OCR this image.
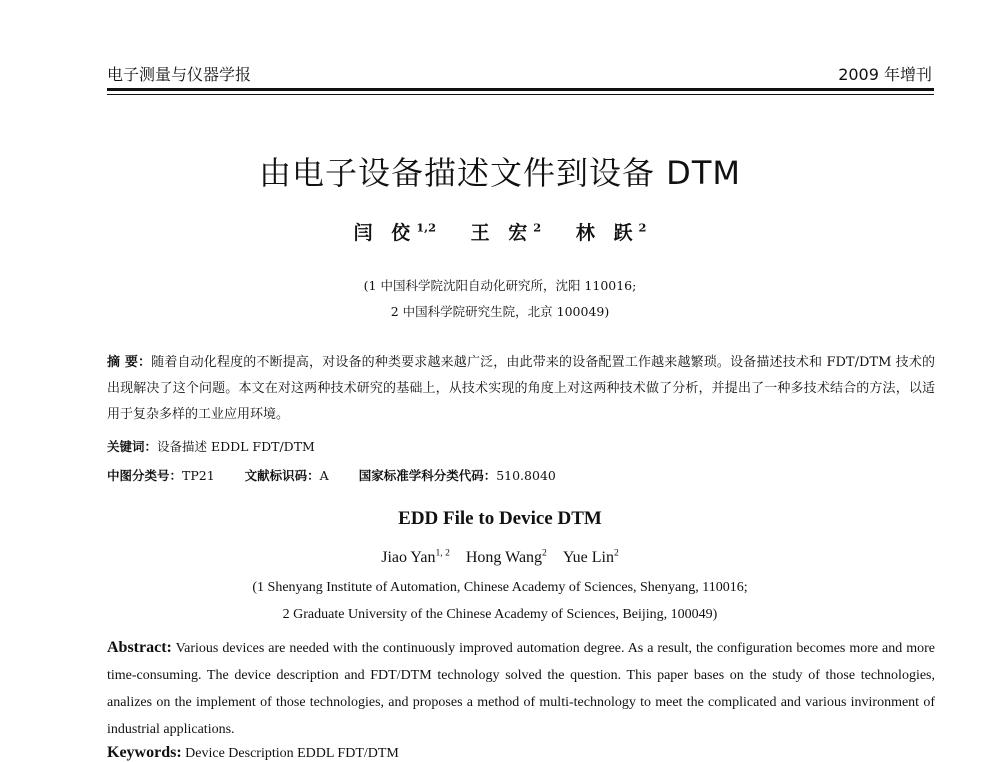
电子测量与仪器学报	2009 年增刊
由电子设备描述文件到设备 DTM
闫 佼$^{1,2}$ 王 宏$^2$ 林 跃$^2$
(1 中国科学院沈阳自动化研究所，沈阳 110016;
2 中国科学院研究生院，北京 100049)
摘 要：随着自动化程度的不断提高，对设备的种类要求越来越广泛，由此带来的设备配置工作越来越繁琐。设备描述技术和 FDT/DTM 技术的出现解决了这个问题。本文在对这两种技术研究的基础上，从技术实现的角度上对这两种技术做了分析，并提出了一种多技术结合的方法，以适用于复杂多样的工业应用环境。
关键词：设备描述 EDDL FDT/DTM
中图分类号：TP21 文献标识码：A 国家标准学科分类代码：510.8040
EDD File to Device DTM
Jiao Yan$^{1, 2}$ Hong Wang$^2$ Yue Lin$^2$
(1 Shenyang Institute of Automation, Chinese Academy of Sciences, Shenyang, 110016;
2 Graduate University of the Chinese Academy of Sciences, Beijing, 100049)
Abstract: Various devices are needed with the continuously improved automation degree. As a result, the configuration becomes more and more time-consuming. The device description and FDT/DTM technology solved the question. This paper bases on the study of those technologies, analizes on the implement of those technologies, and proposes a method of multi-technology to meet the complicated and various invironment of industrial applications.
Keywords: Device Description EDDL FDT/DTM
